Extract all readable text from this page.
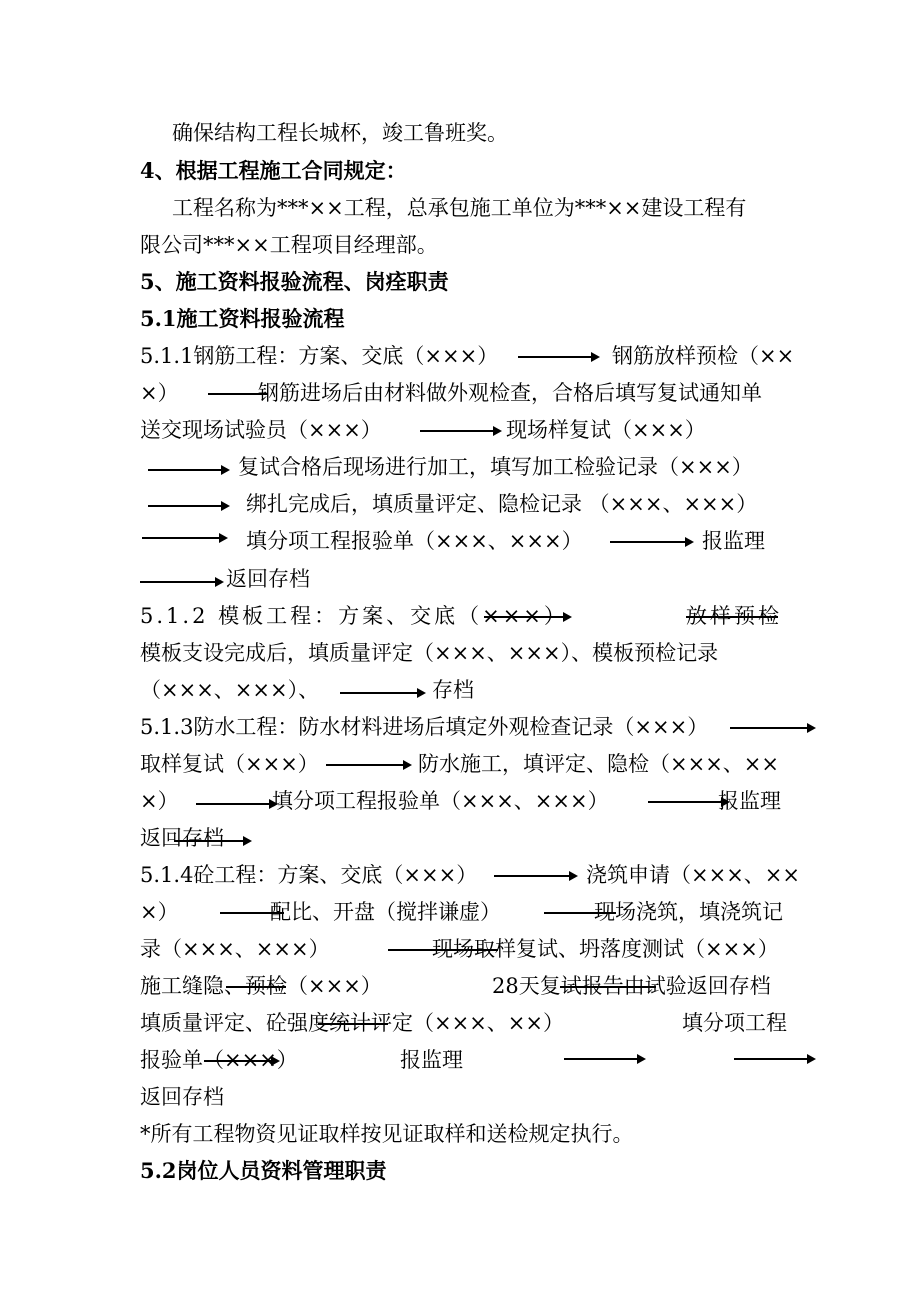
确保结构工程长城杯，竣工鲁班奖。
4、根据工程施工合同规定：
工程名称为***××工程，总承包施工单位为***××建设工程有
限公司***××工程项目经理部。
5、施工资料报验流程、岗痊职责
5.1施工资料报验流程
5.1.1钢筋工程：方案、交底（×××）	钢筋放样预检（××
×）	钢筋进场后由材料做外观检查，合格后填写复试通知单
送交现场试验员（×××）	现场样复试（×××）
复试合格后现场进行加工，填写加工检验记录（×××）
绑扎完成后，填质量评定、隐检记录 （×××、×××）
填分项工程报验单（×××、×××）	报监理
返回存档
5.1.2 模板工程：方案、交底（×××）	放样预检
模板支设完成后，填质量评定（×××、×××）、模板预检记录
（×××、×××）、	存档
5.1.3防水工程：防水材料进场后填定外观检查记录（×××）
取样复试（×××）	防水施工，填评定、隐检（×××、××
×）	填分项工程报验单（×××、×××）	报监理
返回存档
5.1.4砼工程：方案、交底（×××）	浇筑申请（×××、××
×）	配比、开盘（搅拌谦虚）	现场浇筑，填浇筑记
录（×××、×××）	现场取样复试、坍落度测试（×××）
施工缝隐、预检（×××）	28天复试报告由试验返回存档
填质量评定、砼强度统计评定（×××、××）	填分项工程
报验单（×××）	报监理
返回存档
*所有工程物资见证取样按见证取样和送检规定执行。
5.2岗位人员资料管理职责
